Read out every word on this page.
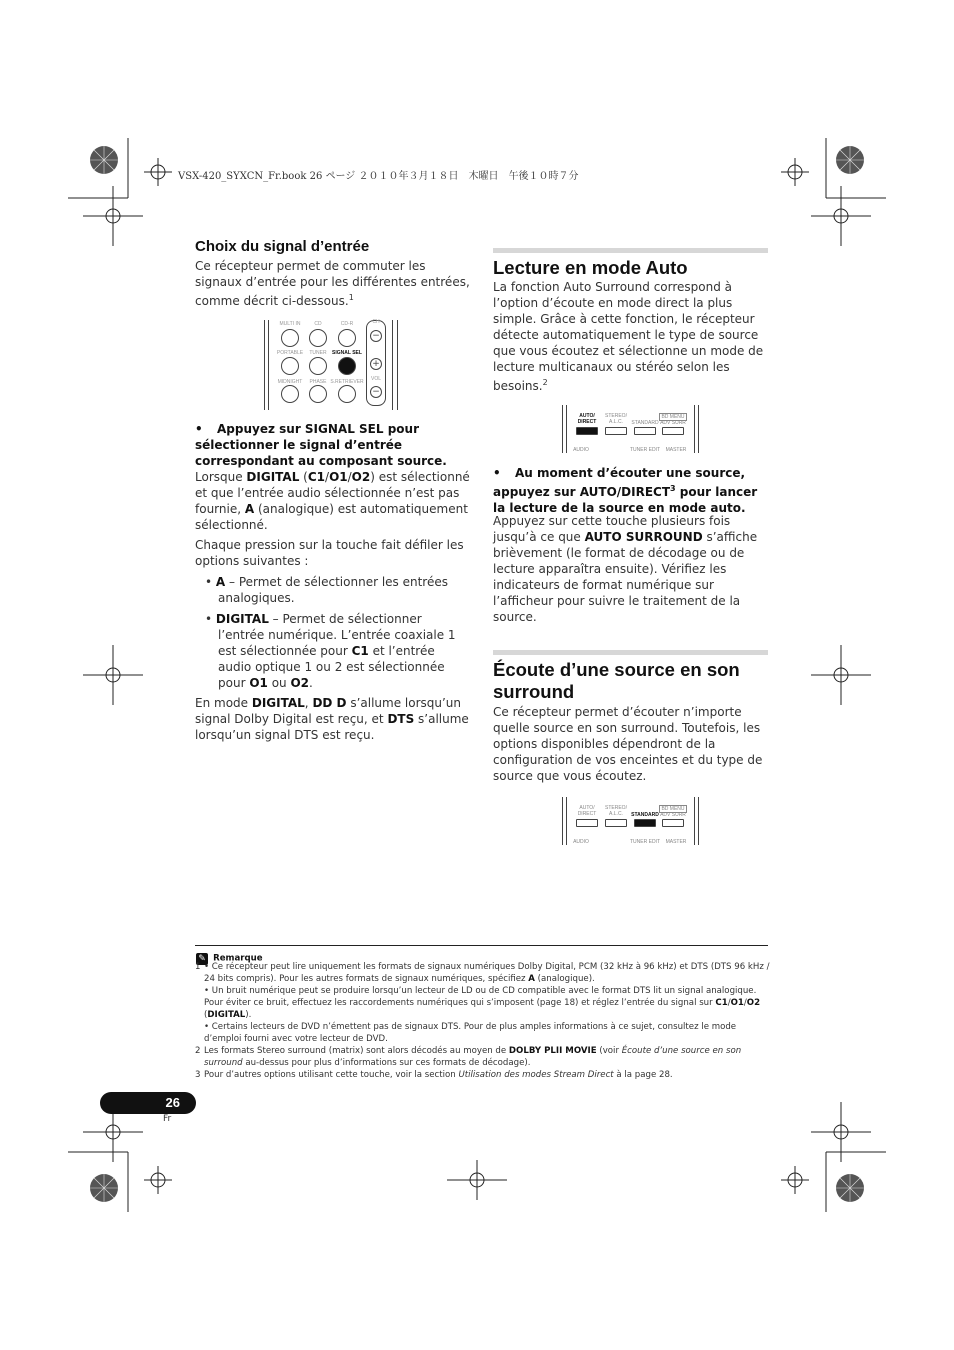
VSX-420_SYXCN_Fr.book 26 ページ ２０１０年３月１８日　木曜日　午後１０時７分
Choix du signal d’entrée
Ce récepteur permet de commuter les signaux d’entrée pour les différentes entrées, comme décrit ci-dessous.$^1$
MULTI IN	CD	CD-R	CH
−
PORTABLE	TUNER	SIGNAL SEL
+
VOL
MIDNIGHT	PHASE S.RETRIEVER
−
• Appuyez sur SIGNAL SEL pour sélectionner le signal d’entrée correspondant au composant source.
Lorsque DIGITAL (C1/O1/O2) est sélectionné et que l’entrée audio sélectionnée n’est pas fournie, A (analogique) est automatiquement sélectionné.
Chaque pression sur la touche fait défiler les options suivantes :
• A – Permet de sélectionner les entrées analogiques.
• DIGITAL – Permet de sélectionner l’entrée numérique. L’entrée coaxiale 1 est sélectionnée pour C1 et l’entrée audio optique 1 ou 2 est sélectionnée pour O1 ou O2.
En mode DIGITAL, DD D s’allume lorsqu’un signal Dolby Digital est reçu, et DTS s’allume lorsqu’un signal DTS est reçu.
Lecture en mode Auto
La fonction Auto Surround correspond à l’option d’écoute en mode direct la plus simple. Grâce à cette fonction, le récepteur détecte automatiquement le type de source que vous écoutez et sélectionne un mode de lecture multicanaux ou stéréo selon les besoins.$^2$
AUTO/ DIRECT
STEREO/ A.L.C.	STANDARD
BD MENU
ADV SURR
AUDIO	TUNER EDIT	MASTER
• Au moment d’écouter une source, appuyez sur AUTO/DIRECT$^3$ pour lancer la lecture de la source en mode auto.
Appuyez sur cette touche plusieurs fois jusqu’à ce que AUTO SURROUND s’affiche brièvement (le format de décodage ou de lecture apparaîtra ensuite). Vérifiez les indicateurs de format numérique sur l’afficheur pour suivre le traitement de la source.
Écoute d’une source en son
surround
Ce récepteur permet d’écouter n’importe quelle source en son surround. Toutefois, les options disponibles dépendront de la configuration de vos enceintes et du type de source que vous écoutez.
AUTO/ DIRECT
STEREO/ A.L.C.	STANDARD
BD MENU
ADV SURR
AUDIO	TUNER EDIT	MASTER
✎ Remarque
1 • Ce récepteur peut lire uniquement les formats de signaux numériques Dolby Digital, PCM (32 kHz à 96 kHz) et DTS (DTS 96 kHz / 24 bits compris). Pour les autres formats de signaux numériques, spécifiez A (analogique).
• Un bruit numérique peut se produire lorsqu’un lecteur de LD ou de CD compatible avec le format DTS lit un signal analogique. Pour éviter ce bruit, effectuez les raccordements numériques qui s’imposent (page 18) et réglez l’entrée du signal sur C1/O1/O2 (DIGITAL).
• Certains lecteurs de DVD n’émettent pas de signaux DTS. Pour de plus amples informations à ce sujet, consultez le mode d’emploi fourni avec votre lecteur de DVD.
2 Les formats Stereo surround (matrix) sont alors décodés au moyen de DOLBY PLII MOVIE (voir Écoute d’une source en son surround au-dessus pour plus d’informations sur ces formats de décodage).
3 Pour d’autres options utilisant cette touche, voir la section Utilisation des modes Stream Direct à la page 28.
26
Fr
